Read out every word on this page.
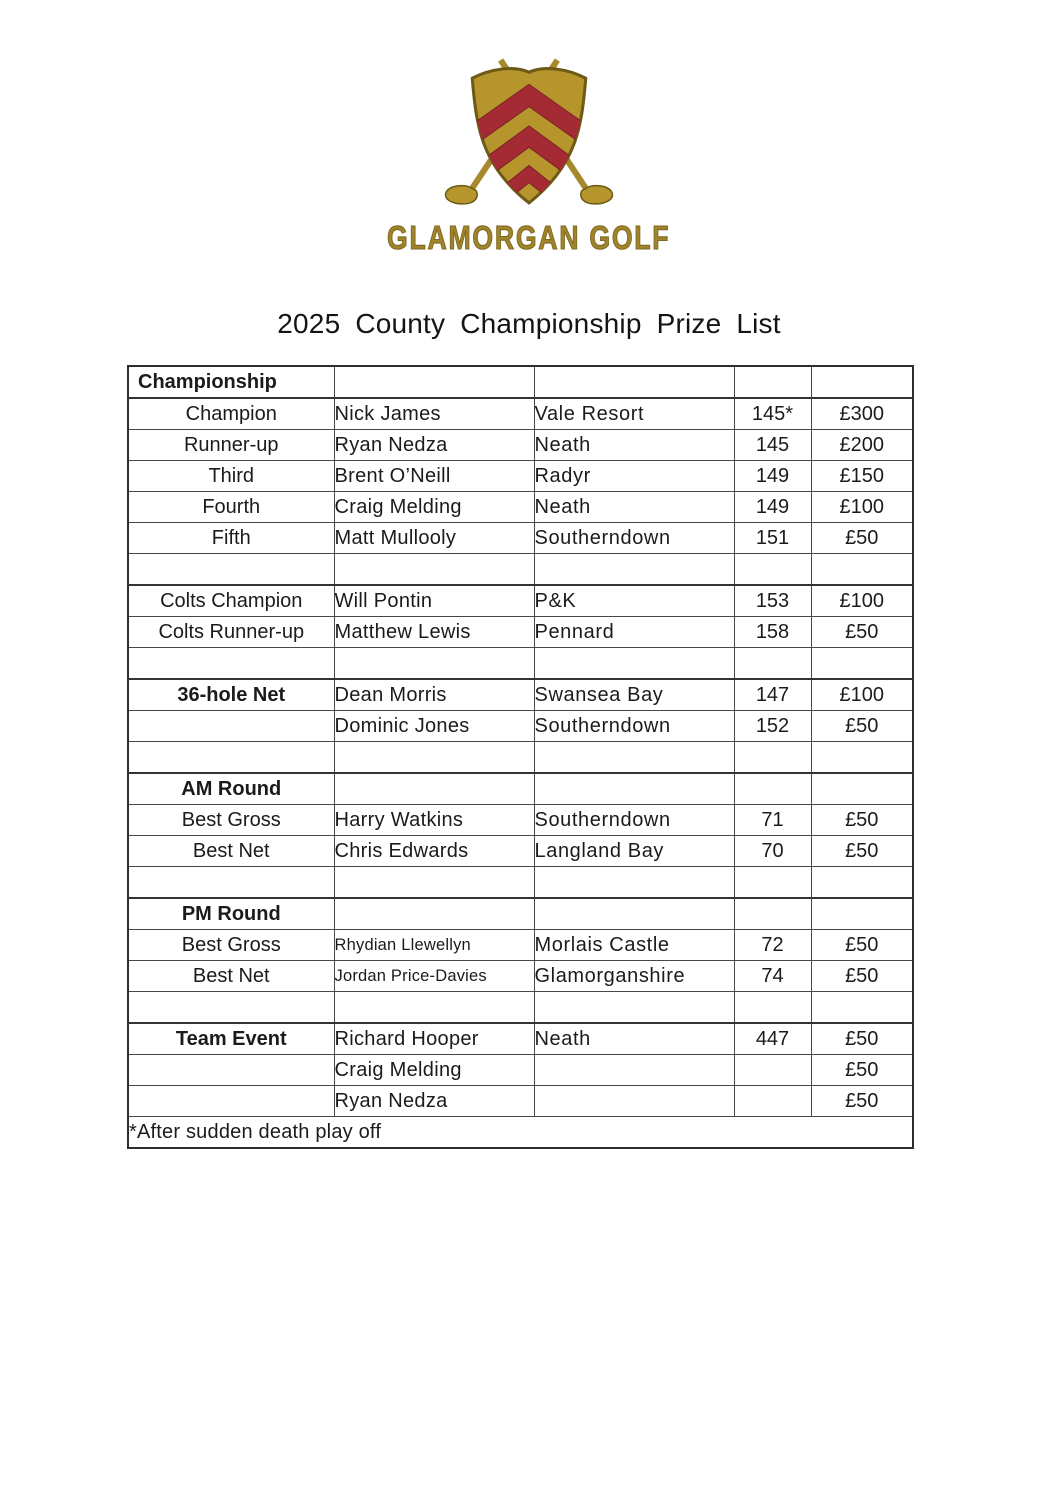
GLAMORGAN GOLF
2025 County Championship Prize List
Championship				
Champion	Nick James	Vale Resort	145*	£300
Runner-up	Ryan Nedza	Neath	145	£200
Third	Brent O’Neill	Radyr	149	£150
Fourth	Craig Melding	Neath	149	£100
Fifth	Matt Mullooly	Southerndown	151	£50

Colts Champion	Will Pontin	P&K	153	£100
Colts Runner-up	Matthew Lewis	Pennard	158	£50

36-hole Net	Dean Morris	Swansea Bay	147	£100
	Dominic Jones	Southerndown	152	£50

AM Round				
Best Gross	Harry Watkins	Southerndown	71	£50
Best Net	Chris Edwards	Langland Bay	70	£50

PM Round				
Best Gross	Rhydian Llewellyn	Morlais Castle	72	£50
Best Net	Jordan Price-Davies	Glamorganshire	74	£50

Team Event	Richard Hooper	Neath	447	£50
	Craig Melding			£50
	Ryan Nedza			£50
*After sudden death play off				
